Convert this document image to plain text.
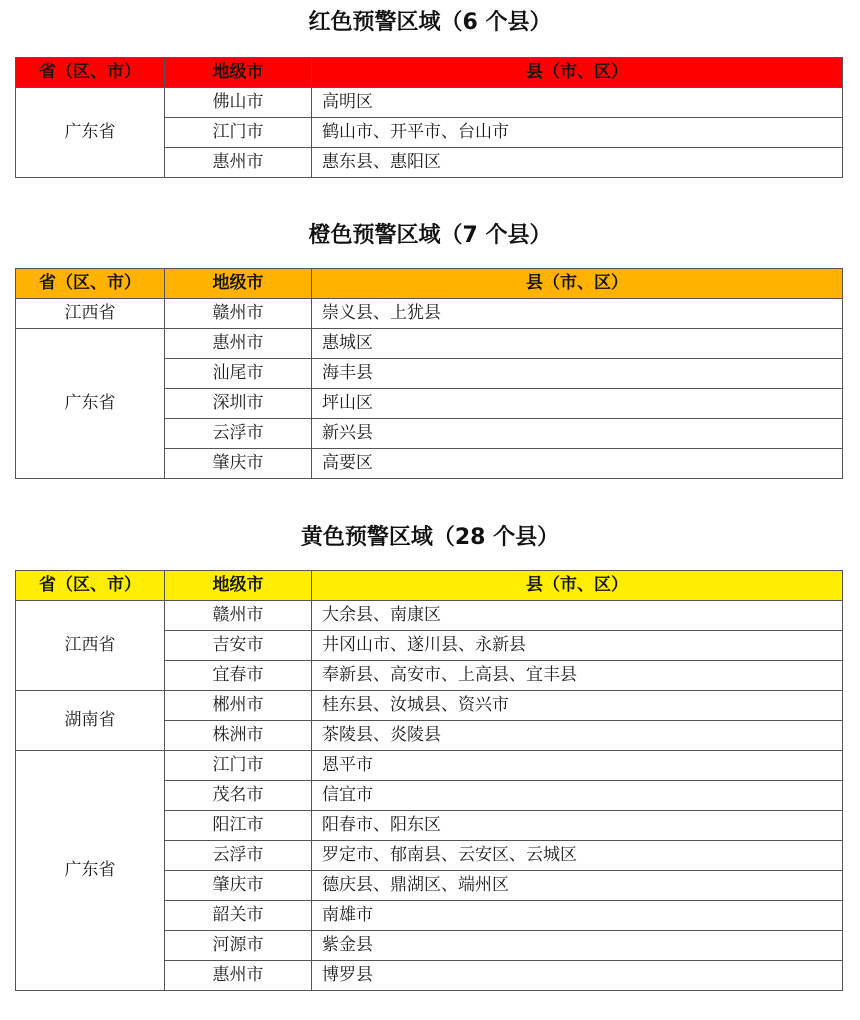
红色预警区域（6 个县）
省（区、市）	地级市	县（市、区）
广东省	佛山市	高明区
	江门市	鹤山市、开平市、台山市
	惠州市	惠东县、惠阳区
橙色预警区域（7 个县）
省（区、市）	地级市	县（市、区）
江西省	赣州市	崇义县、上犹县
广东省	惠州市	惠城区
	汕尾市	海丰县
	深圳市	坪山区
	云浮市	新兴县
	肇庆市	高要区
黄色预警区域（28 个县）
省（区、市）	地级市	县（市、区）
江西省	赣州市	大余县、南康区
	吉安市	井冈山市、遂川县、永新县
	宜春市	奉新县、高安市、上高县、宜丰县
湖南省	郴州市	桂东县、汝城县、资兴市
	株洲市	茶陵县、炎陵县
广东省	江门市	恩平市
	茂名市	信宜市
	阳江市	阳春市、阳东区
	云浮市	罗定市、郁南县、云安区、云城区
	肇庆市	德庆县、鼎湖区、端州区
	韶关市	南雄市
	河源市	紫金县
	惠州市	博罗县
